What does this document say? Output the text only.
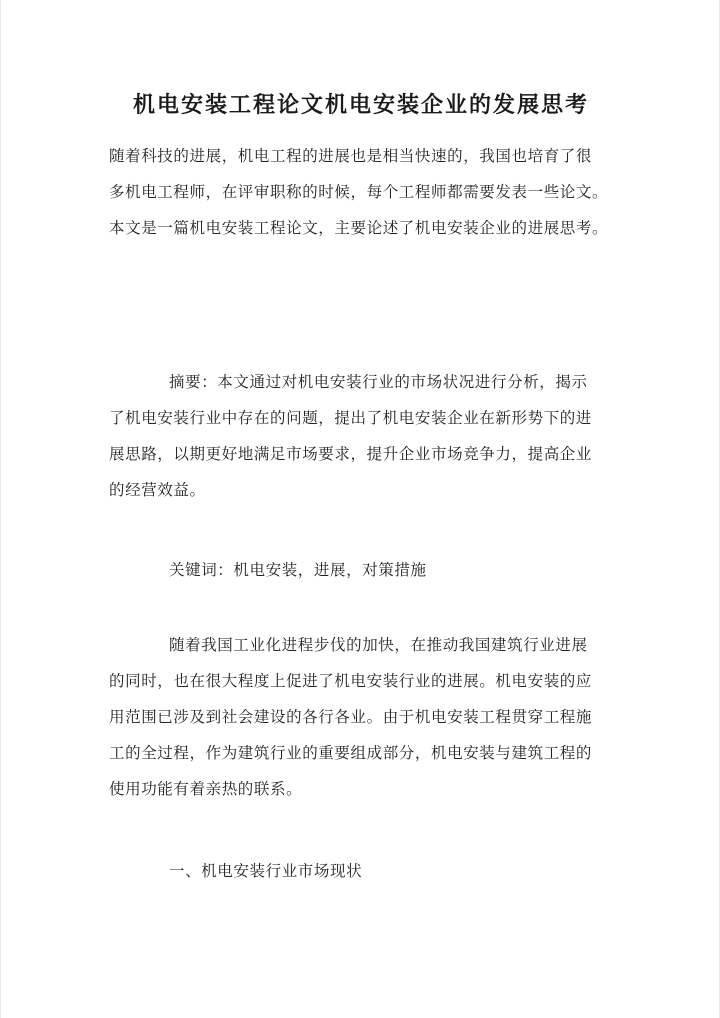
机电安装工程论文机电安装企业的发展思考
随着科技的进展，机电工程的进展也是相当快速的，我国也培育了很
多机电工程师，在评审职称的时候，每个工程师都需要发表一些论文。
本文是一篇机电安装工程论文，主要论述了机电安装企业的进展思考。
摘要：本文通过对机电安装行业的市场状况进行分析，揭示
了机电安装行业中存在的问题，提出了机电安装企业在新形势下的进
展思路，以期更好地满足市场要求，提升企业市场竞争力，提高企业
的经营效益。
关键词：机电安装，进展，对策措施
随着我国工业化进程步伐的加快，在推动我国建筑行业进展
的同时，也在很大程度上促进了机电安装行业的进展。机电安装的应
用范围已涉及到社会建设的各行各业。由于机电安装工程贯穿工程施
工的全过程，作为建筑行业的重要组成部分，机电安装与建筑工程的
使用功能有着亲热的联系。
一、机电安装行业市场现状
